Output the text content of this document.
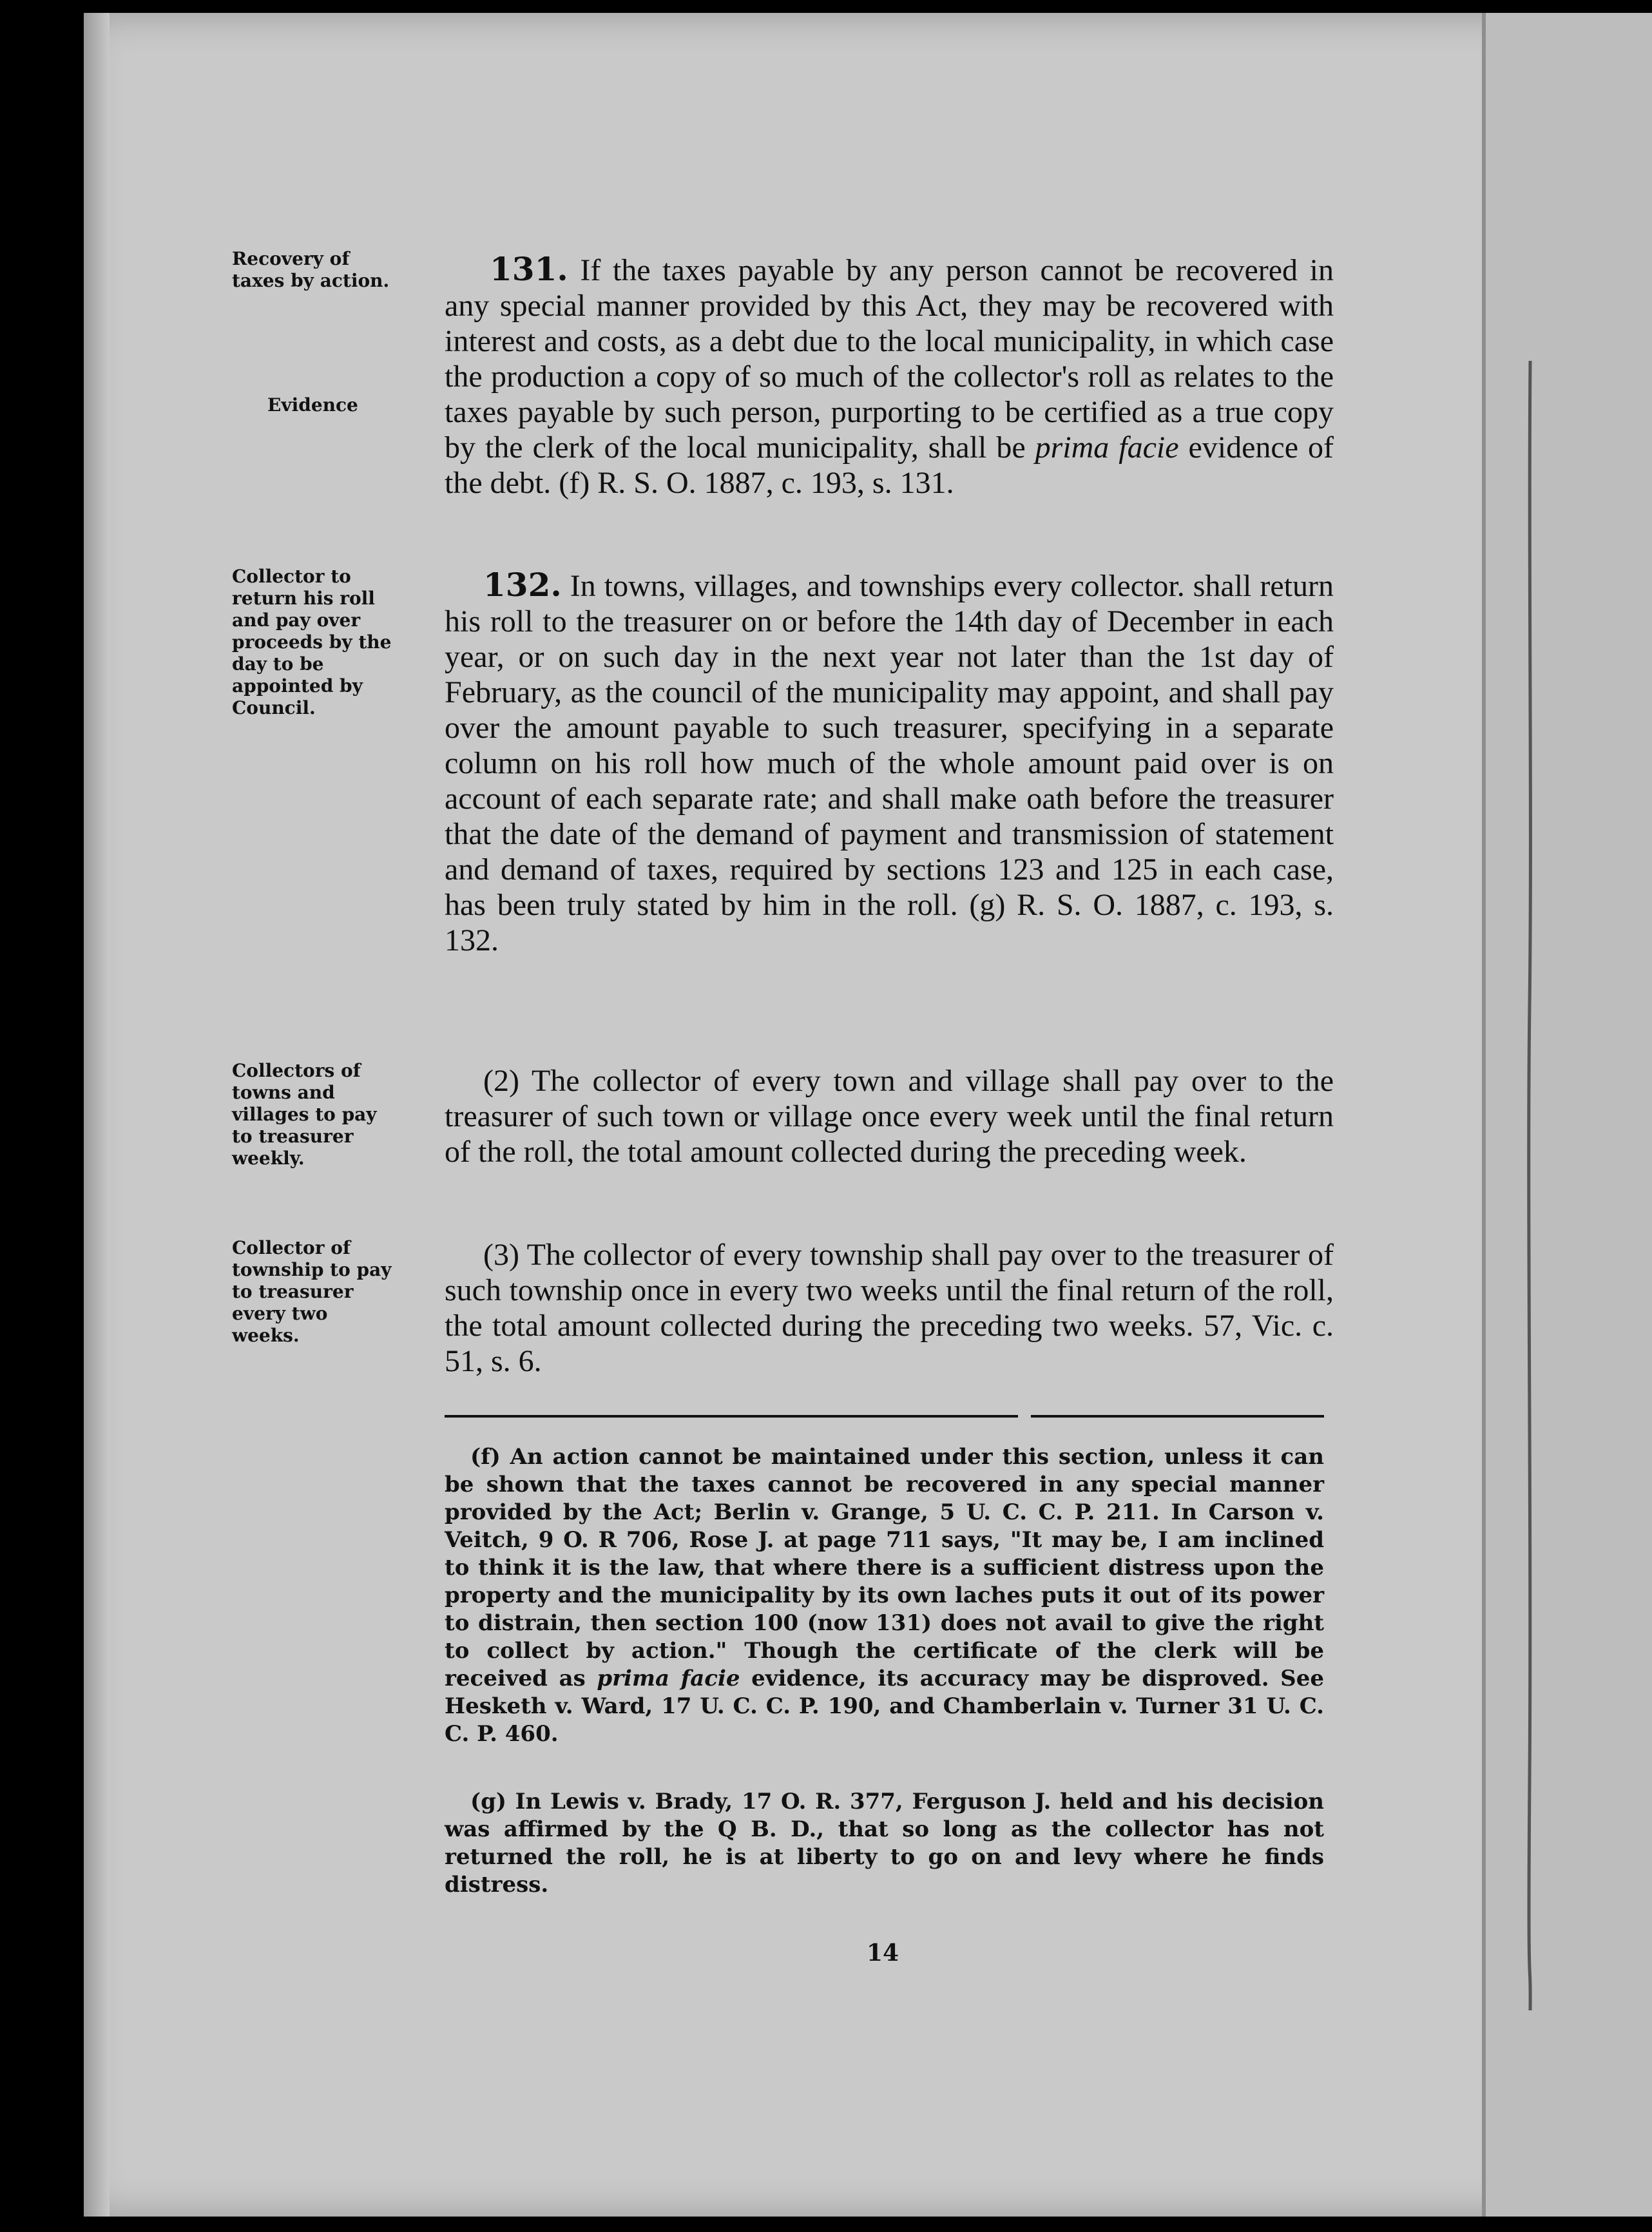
Recovery of taxes by action.

Evidence

Collector to return his roll and pay over proceeds by the day to be appointed by Council.

Collectors of towns and villages to pay to treasurer weekly.

Collector of township to pay to treasurer every two weeks.

131. If the taxes payable by any person cannot be recovered in any special manner provided by this Act, they may be recovered with interest and costs, as a debt due to the local municipality, in which case the production a copy of so much of the collector's roll as relates to the taxes payable by such person, purporting to be certified as a true copy by the clerk of the local municipality, shall be prima facie evidence of the debt. (f) R. S. O. 1887, c. 193, s. 131.

132. In towns, villages, and townships every collector. shall return his roll to the treasurer on or before the 14th day of December in each year, or on such day in the next year not later than the 1st day of February, as the council of the municipality may appoint, and shall pay over the amount payable to such treasurer, specifying in a separate column on his roll how much of the whole amount paid over is on account of each separate rate; and shall make oath before the treasurer that the date of the demand of payment and transmission of statement and demand of taxes, required by sections 123 and 125 in each case, has been truly stated by him in the roll. (g) R. S. O. 1887, c. 193, s. 132.

(2) The collector of every town and village shall pay over to the treasurer of such town or village once every week until the final return of the roll, the total amount collected during the preceding week.

(3) The collector of every township shall pay over to the treasurer of such township once in every two weeks until the final return of the roll, the total amount collected during the preceding two weeks. 57, Vic. c. 51, s. 6.

(f) An action cannot be maintained under this section, unless it can be shown that the taxes cannot be recovered in any special manner provided by the Act; Berlin v. Grange, 5 U. C. C. P. 211. In Carson v. Veitch, 9 O. R 706, Rose J. at page 711 says, "It may be, I am inclined to think it is the law, that where there is a sufficient distress upon the property and the municipality by its own laches puts it out of its power to distrain, then section 100 (now 131) does not avail to give the right to collect by action." Though the certificate of the clerk will be received as prima facie evidence, its accuracy may be disproved. See Hesketh v. Ward, 17 U. C. C. P. 190, and Chamberlain v. Turner 31 U. C. C. P. 460.

(g) In Lewis v. Brady, 17 O. R. 377, Ferguson J. held and his decision was affirmed by the Q B. D., that so long as the collector has not returned the roll, he is at liberty to go on and levy where he finds distress.

14
